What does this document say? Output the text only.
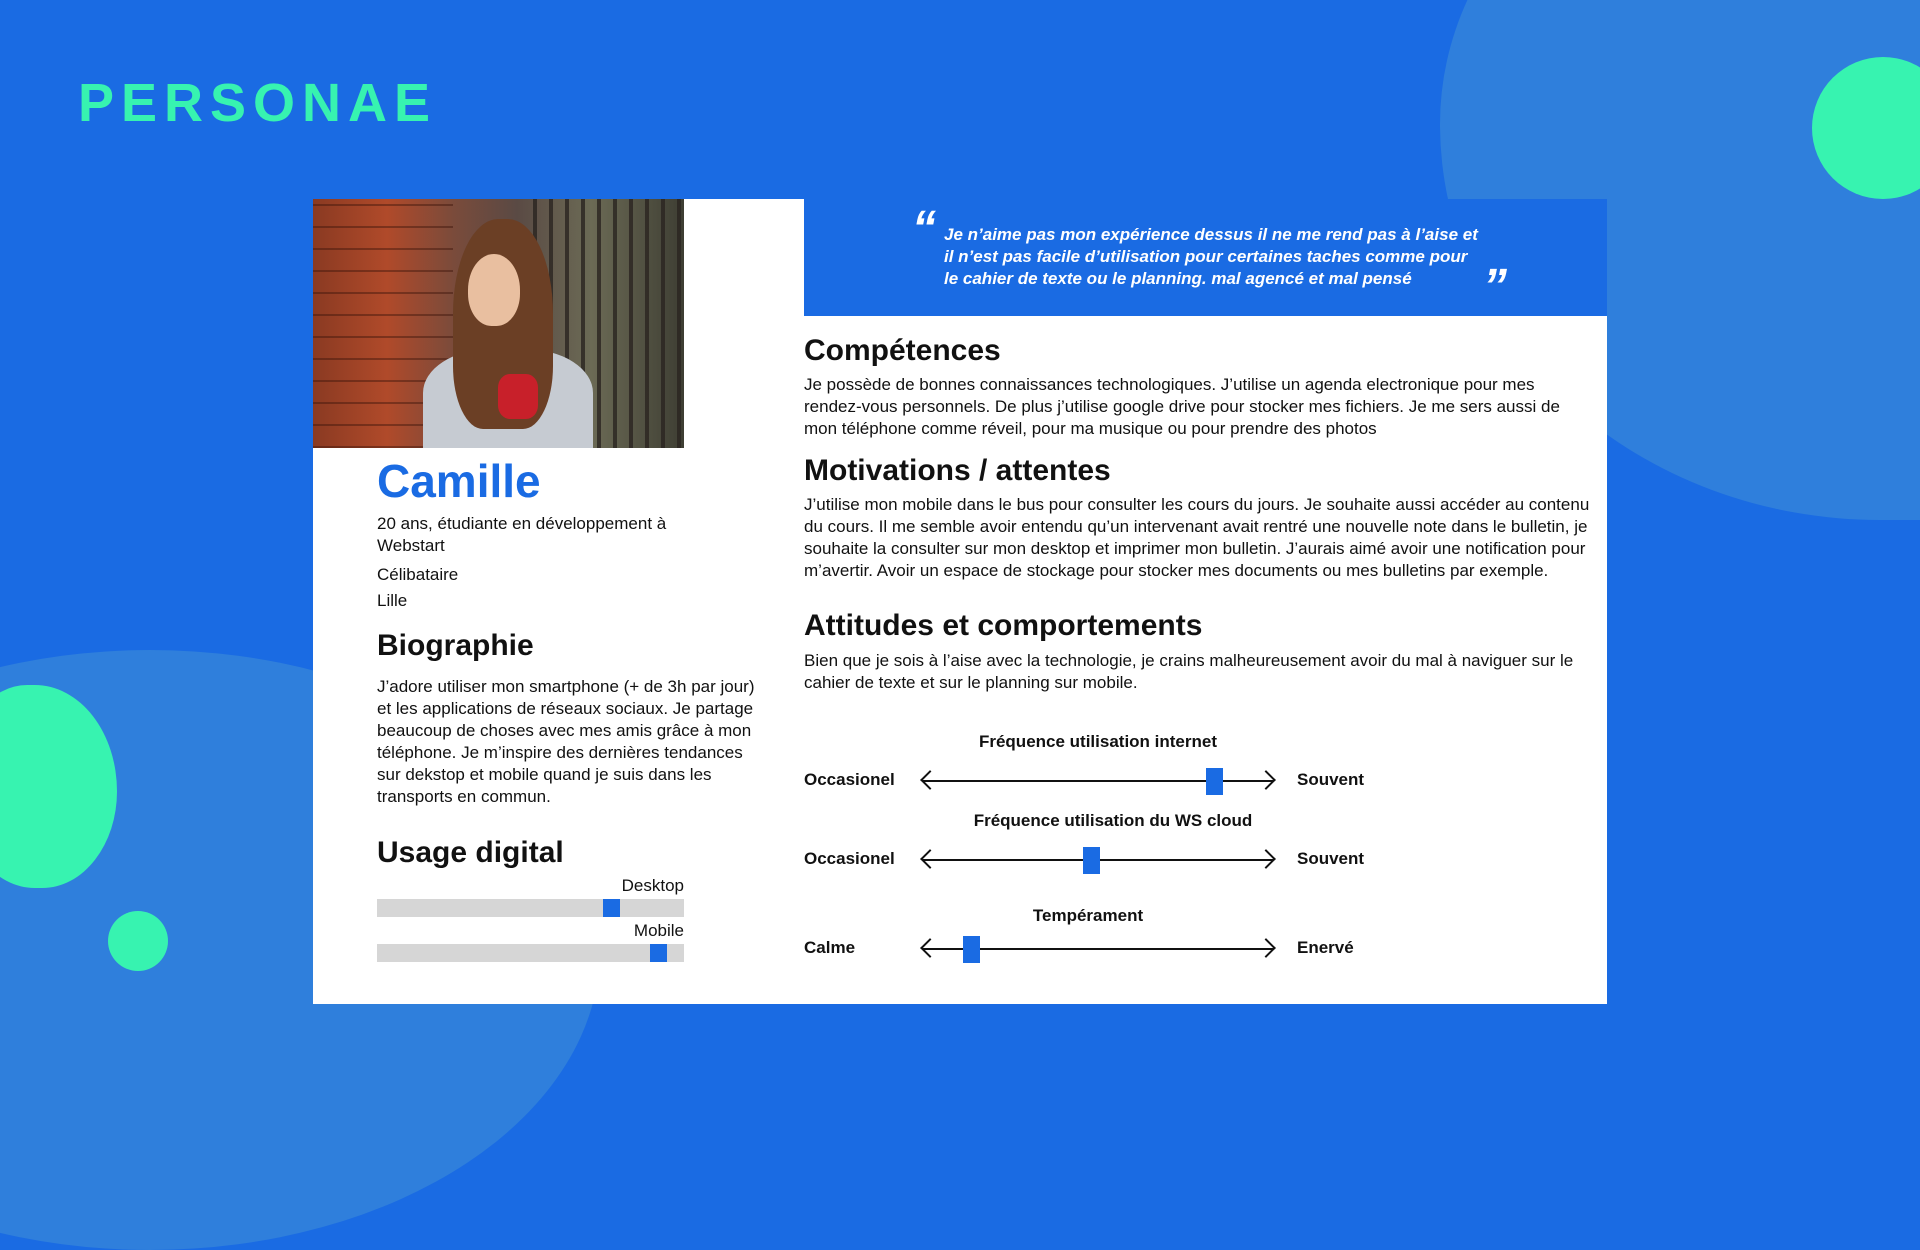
PERSONAE
Camille

20 ans, étudiante en développement à Webstart

Célibataire

Lille

Biographie

J’adore utiliser mon smartphone (+ de 3h par jour) et les applications de réseaux sociaux. Je partage beaucoup de choses avec mes amis grâce à mon téléphone. Je m’inspire des dernières tendances sur dekstop et mobile quand je suis dans les transports en commun.

Usage digital
Desktop
Mobile
“ Je n’aime pas mon expérience dessus il ne me rend pas à l’aise et il n’est pas facile d’utilisation pour certaines taches comme pour le cahier de texte ou le planning. mal agencé et mal pensé	”
Compétences

Je possède de bonnes connaissances technologiques. J’utilise un agenda electronique pour mes rendez-vous personnels. De plus j’utilise google drive pour stocker mes fichiers. Je me sers aussi de mon téléphone comme réveil, pour ma musique ou pour prendre des photos

Motivations / attentes

J’utilise mon mobile dans le bus pour consulter les cours du jours. Je souhaite aussi accéder au contenu du cours. Il me semble avoir entendu qu’un intervenant avait rentré une nouvelle note dans le bulletin, je souhaite la consulter sur mon desktop et imprimer mon bulletin. J’aurais aimé avoir une notification pour m’avertir. Avoir un espace de stockage pour stocker mes documents ou mes bulletins par exemple.

Attitudes et comportements

Bien que je sois à l’aise avec la technologie, je crains malheureusement avoir du mal à naviguer sur le cahier de texte et sur le planning sur mobile.

Fréquence utilisation internet
Occasionel	Souvent
Fréquence utilisation du WS cloud
Occasionel	Souvent
Tempérament
Calme	Enervé
